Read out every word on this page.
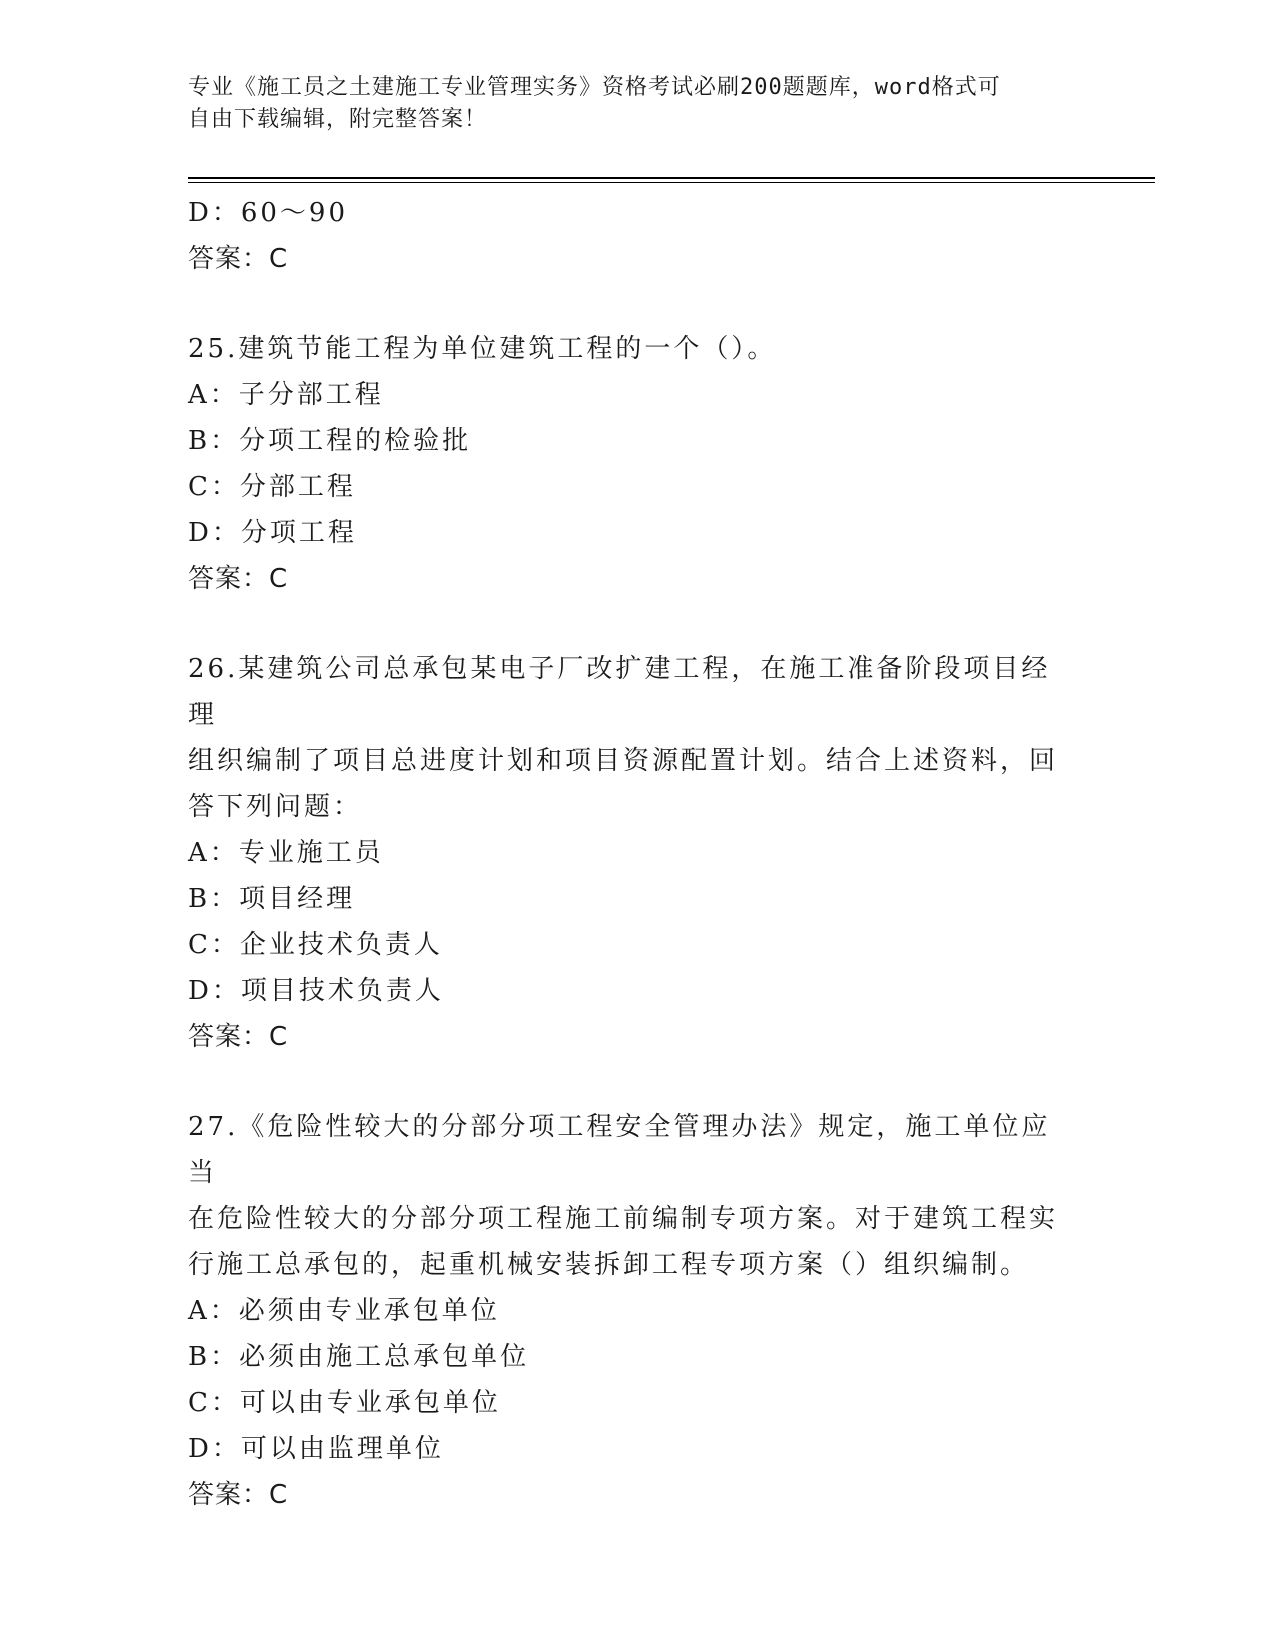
专业《施工员之土建施工专业管理实务》资格考试必刷200题题库，word格式可
自由下载编辑，附完整答案！
D：60～90
答案：C
25.建筑节能工程为单位建筑工程的一个（）。
A：子分部工程
B：分项工程的检验批
C：分部工程
D：分项工程
答案：C
26.某建筑公司总承包某电子厂改扩建工程，在施工准备阶段项目经理
组织编制了项目总进度计划和项目资源配置计划。结合上述资料，回
答下列问题：
A：专业施工员
B：项目经理
C：企业技术负责人
D：项目技术负责人
答案：C
27.《危险性较大的分部分项工程安全管理办法》规定，施工单位应当
在危险性较大的分部分项工程施工前编制专项方案。对于建筑工程实
行施工总承包的，起重机械安装拆卸工程专项方案（）组织编制。
A：必须由专业承包单位
B：必须由施工总承包单位
C：可以由专业承包单位
D：可以由监理单位
答案：C
